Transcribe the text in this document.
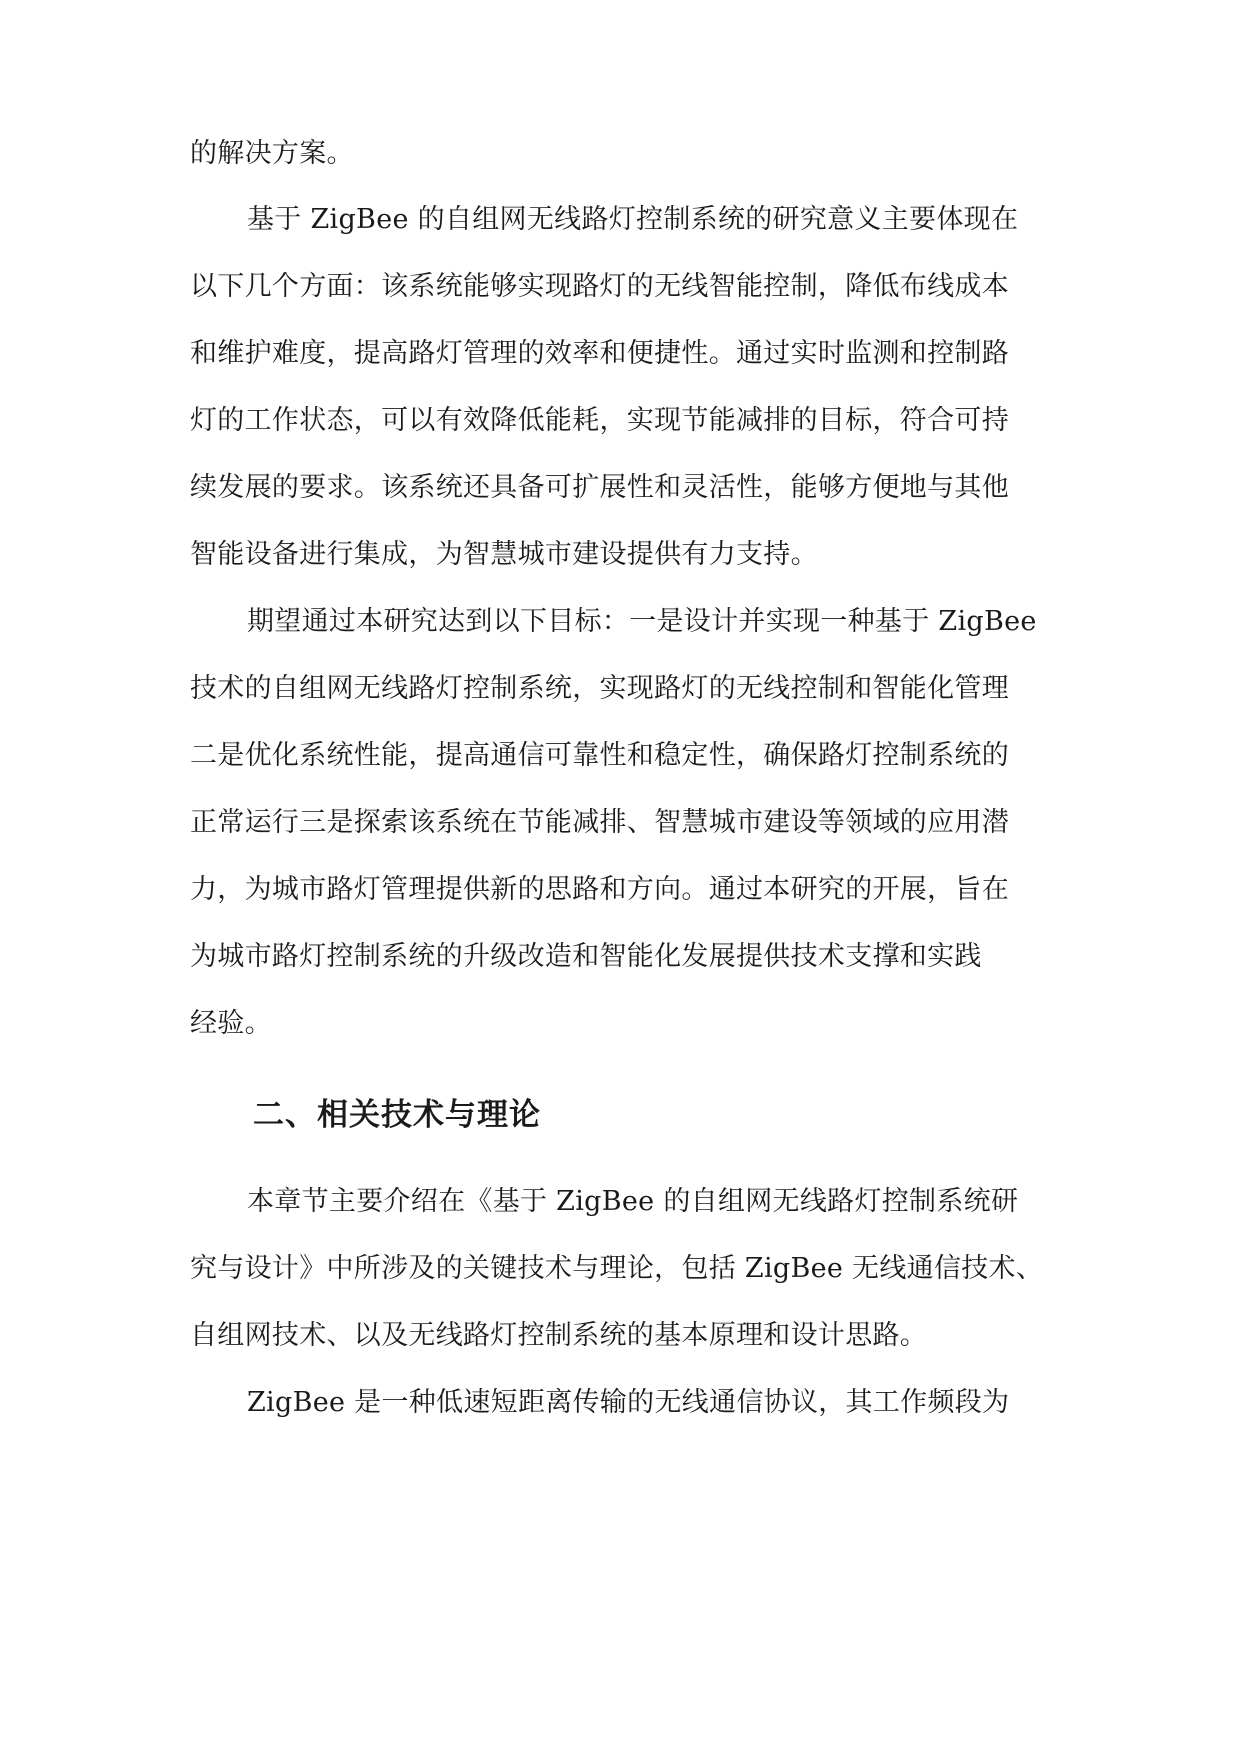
的解决方案。
基于 ZigBee 的自组网无线路灯控制系统的研究意义主要体现在
以下几个方面：该系统能够实现路灯的无线智能控制，降低布线成本
和维护难度，提高路灯管理的效率和便捷性。通过实时监测和控制路
灯的工作状态，可以有效降低能耗，实现节能减排的目标，符合可持
续发展的要求。该系统还具备可扩展性和灵活性，能够方便地与其他
智能设备进行集成，为智慧城市建设提供有力支持。
期望通过本研究达到以下目标：一是设计并实现一种基于 ZigBee
技术的自组网无线路灯控制系统，实现路灯的无线控制和智能化管理
二是优化系统性能，提高通信可靠性和稳定性，确保路灯控制系统的
正常运行三是探索该系统在节能减排、智慧城市建设等领域的应用潜
力，为城市路灯管理提供新的思路和方向。通过本研究的开展，旨在
为城市路灯控制系统的升级改造和智能化发展提供技术支撑和实践
经验。
二、相关技术与理论
本章节主要介绍在《基于 ZigBee 的自组网无线路灯控制系统研
究与设计》中所涉及的关键技术与理论，包括 ZigBee 无线通信技术、
自组网技术、以及无线路灯控制系统的基本原理和设计思路。
ZigBee 是一种低速短距离传输的无线通信协议，其工作频段为
